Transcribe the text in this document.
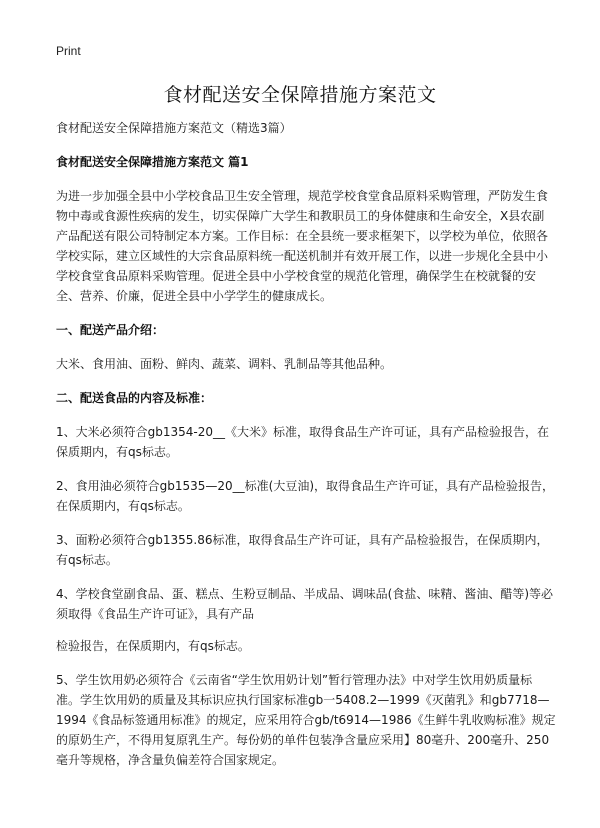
Print
食材配送安全保障措施方案范文

食材配送安全保障措施方案范文（精选3篇）

食材配送安全保障措施方案范文 篇1

为进一步加强全县中小学校食品卫生安全管理，规范学校食堂食品原料采购管理，严防发生食物中毒或食源性疾病的发生，切实保障广大学生和教职员工的身体健康和生命安全，X县农副产品配送有限公司特制定本方案。工作目标：在全县统一要求框架下，以学校为单位，依照各学校实际，建立区域性的大宗食品原料统一配送机制并有效开展工作，以进一步规化全县中小学校食堂食品原料采购管理。促进全县中小学校食堂的规范化管理，确保学生在校就餐的安全、营养、价廉，促进全县中小学学生的健康成长。

一、配送产品介绍：

大米、食用油、面粉、鲜肉、蔬菜、调料、乳制品等其他品种。

二、配送食品的内容及标准：

1、大米必须符合gb1354-20__《大米》标准，取得食品生产许可证，具有产品检验报告，在保质期内，有qs标志。

2、食用油必须符合gb1535—20__标准(大豆油)，取得食品生产许可证，具有产品检验报告，在保质期内，有qs标志。

3、面粉必须符合gb1355.86标准，取得食品生产许可证，具有产品检验报告，在保质期内，有qs标志。

4、学校食堂副食品、蛋、糕点、生粉豆制品、半成品、调味品(食盐、味精、酱油、醋等)等必须取得《食品生产许可证》，具有产品

检验报告，在保质期内，有qs标志。

5、学生饮用奶必须符合《云南省“学生饮用奶计划”暂行管理办法》中对学生饮用奶质量标准。学生饮用奶的质量及其标识应执行国家标准gb一5408.2—1999《灭菌乳》和gb7718—1994《食品标签通用标准》的规定，应采用符合gb/t6914—1986《生鲜牛乳收购标准》规定的原奶生产，不得用复原乳生产。每份奶的单件包装净含量应采用】80毫升、200毫升、250毫升等规格，净含量负偏差符合国家规定。
